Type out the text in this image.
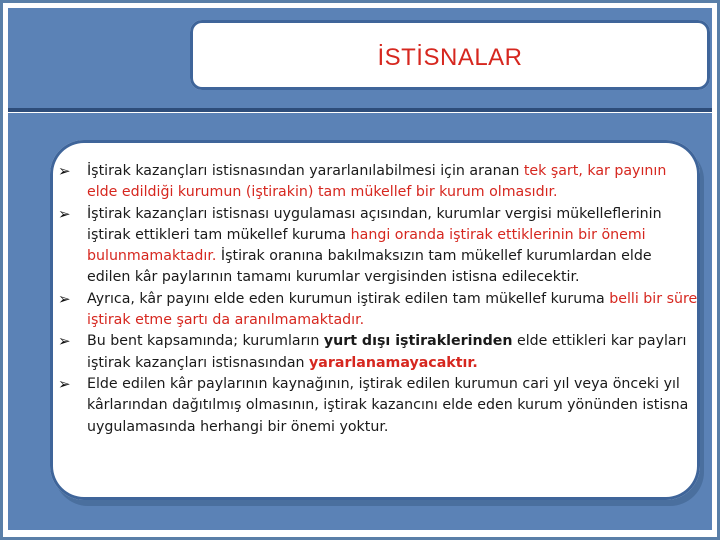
İSTİSNALAR
➢ İştirak kazançları istisnasından yararlanılabilmesi için aranan tek şart, kar payının elde edildiği kurumun (iştirakin) tam mükellef bir kurum olmasıdır.
➢ İştirak kazançları istisnası uygulaması açısından, kurumlar vergisi mükelleflerinin iştirak ettikleri tam mükellef kuruma hangi oranda iştirak ettiklerinin bir önemi bulunmamaktadır. İştirak oranına bakılmaksızın tam mükellef kurumlardan elde edilen kâr paylarının tamamı kurumlar vergisinden istisna edilecektir.
➢ Ayrıca, kâr payını elde eden kurumun iştirak edilen tam mükellef kuruma belli bir süre iştirak etme şartı da aranılmamaktadır.
➢ Bu bent kapsamında; kurumların yurt dışı iştiraklerinden elde ettikleri kar payları iştirak kazançları istisnasından yararlanamayacaktır.
➢ Elde edilen kâr paylarının kaynağının, iştirak edilen kurumun cari yıl veya önceki yıl kârlarından dağıtılmış olmasının, iştirak kazancını elde eden kurum yönünden istisna uygulamasında herhangi bir önemi yoktur.
